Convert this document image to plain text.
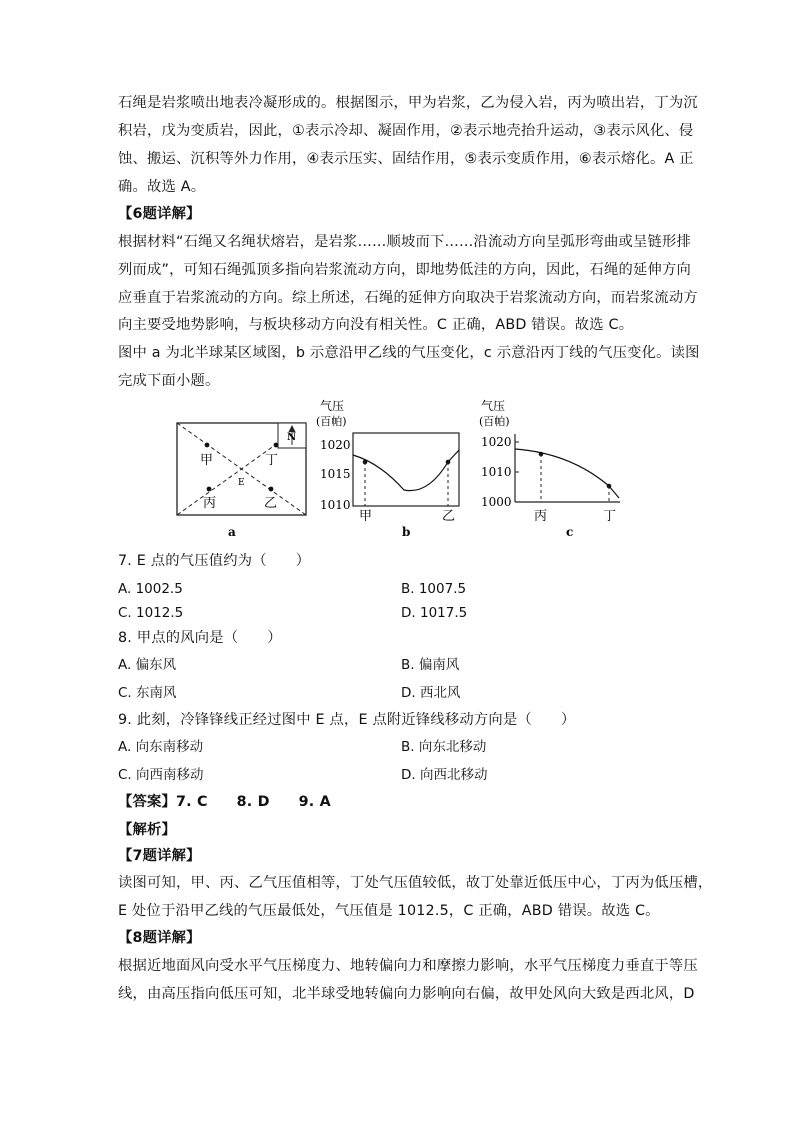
石绳是岩浆喷出地表冷凝形成的。根据图示，甲为岩浆，乙为侵入岩，丙为喷出岩，丁为沉
积岩，戊为变质岩，因此，①表示冷却、凝固作用，②表示地壳抬升运动，③表示风化、侵
蚀、搬运、沉积等外力作用，④表示压实、固结作用，⑤表示变质作用，⑥表示熔化。A 正
确。故选 A。
【6题详解】
根据材料“石绳又名绳状熔岩，是岩浆……顺坡而下……沿流动方向呈弧形弯曲或呈链形排
列而成”，可知石绳弧顶多指向岩浆流动方向，即地势低洼的方向，因此，石绳的延伸方向
应垂直于岩浆流动的方向。综上所述，石绳的延伸方向取决于岩浆流动方向，而岩浆流动方
向主要受地势影响，与板块移动方向没有相关性。C 正确，ABD 错误。故选 C。
图中 a 为北半球某区域图，b 示意沿甲乙线的气压变化，c 示意沿丙丁线的气压变化。读图
完成下面小题。
N
甲	丁
E
丙	乙
a
气压
(百帕)
1020
1015
1010
甲	乙
b
气压
(百帕)
1020
1010
1000
丙	丁
c
7. E 点的气压值约为（　　）
A. 1002.5	B. 1007.5
C. 1012.5	D. 1017.5
8. 甲点的风向是（　　）
A. 偏东风	B. 偏南风
C. 东南风	D. 西北风
9. 此刻，冷锋锋线正经过图中 E 点，E 点附近锋线移动方向是（　　）
A. 向东南移动	B. 向东北移动
C. 向西南移动	D. 向西北移动
【答案】7. C　　8. D　　9. A
【解析】
【7题详解】
读图可知，甲、丙、乙气压值相等，丁处气压值较低，故丁处靠近低压中心，丁丙为低压槽，
E 处位于沿甲乙线的气压最低处，气压值是 1012.5，C 正确，ABD 错误。故选 C。
【8题详解】
根据近地面风向受水平气压梯度力、地转偏向力和摩擦力影响，水平气压梯度力垂直于等压
线，由高压指向低压可知，北半球受地转偏向力影响向右偏，故甲处风向大致是西北风，D
